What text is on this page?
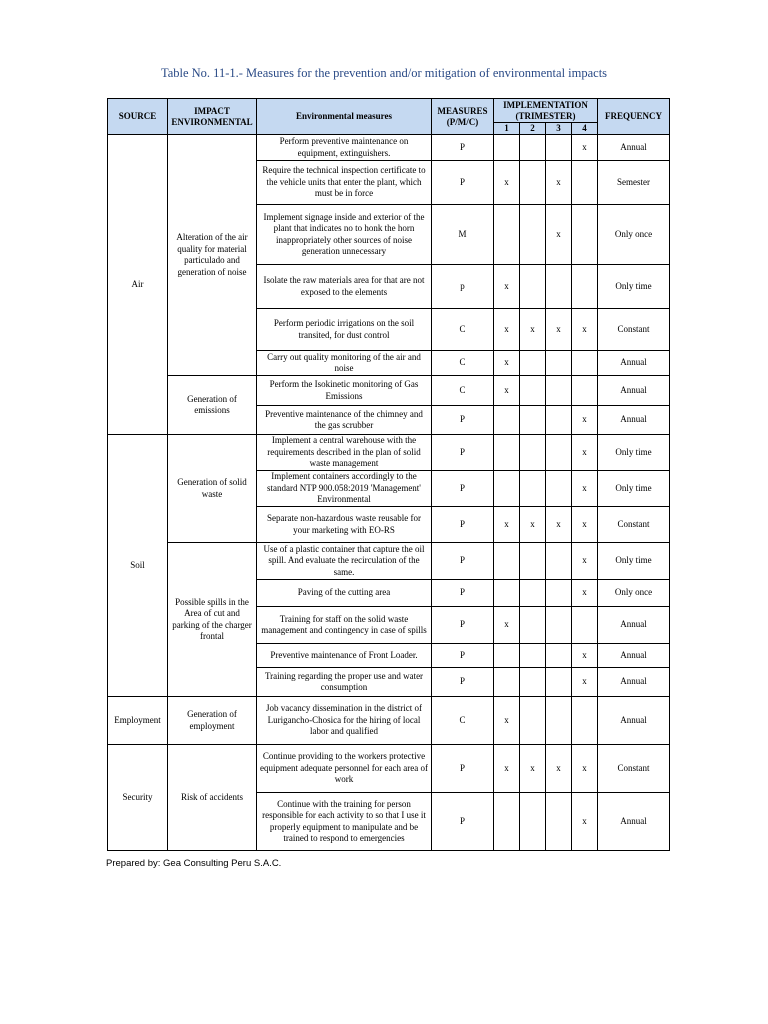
Table No. 11-1.- Measures for the prevention and/or mitigation of environmental impacts
SOURCE	IMPACT ENVIRONMENTAL	Environmental measures	MEASURES (P/M/C)	IMPLEMENTATION (TRIMESTER)				FREQUENCY
				1	2	3	4	
Air	Alteration of the air quality for material particulado and generation of noise	Perform preventive maintenance on equipment, extinguishers.	P				x	Annual
		Require the technical inspection certificate to the vehicle units that enter the plant, which must be in force	P	x		x		Semester
		Implement signage inside and exterior of the plant that indicates no to honk the horn inappropriately other sources of noise generation unnecessary	M			x		Only once
		Isolate the raw materials area for that are not exposed to the elements	p	x				Only time
		Perform periodic irrigations on the soil transited, for dust control	C	x	x	x	x	Constant
		Carry out quality monitoring of the air and noise	C	x				Annual
	Generation of emissions	Perform the Isokinetic monitoring of Gas Emissions	C	x				Annual
		Preventive maintenance of the chimney and the gas scrubber	P				x	Annual
Soil	Generation of solid waste	Implement a central warehouse with the requirements described in the plan of solid waste management	P				x	Only time
		Implement containers accordingly to the standard NTP 900.058:2019 'Management' Environmental	P				x	Only time
		Separate non-hazardous waste reusable for your marketing with EO-RS	P	x	x	x	x	Constant
	Possible spills in the Area of cut and parking of the charger frontal	Use of a plastic container that capture the oil spill. And evaluate the recirculation of the same.	P				x	Only time
		Paving of the cutting area	P				x	Only once
		Training for staff on the solid waste management and contingency in case of spills	P	x				Annual
		Preventive maintenance of Front Loader.	P				x	Annual
		Training regarding the proper use and water consumption	P				x	Annual
Employment	Generation of employment	Job vacancy dissemination in the district of Lurigancho-Chosica for the hiring of local labor and qualified	C	x				Annual
Security	Risk of accidents	Continue providing to the workers protective equipment adequate personnel for each area of work	P	x	x	x	x	Constant
		Continue with the training for person responsible for each activity to so that I use it properly equipment to manipulate and be trained to respond to emergencies	P				x	Annual
Prepared by: Gea Consulting Peru S.A.C.
